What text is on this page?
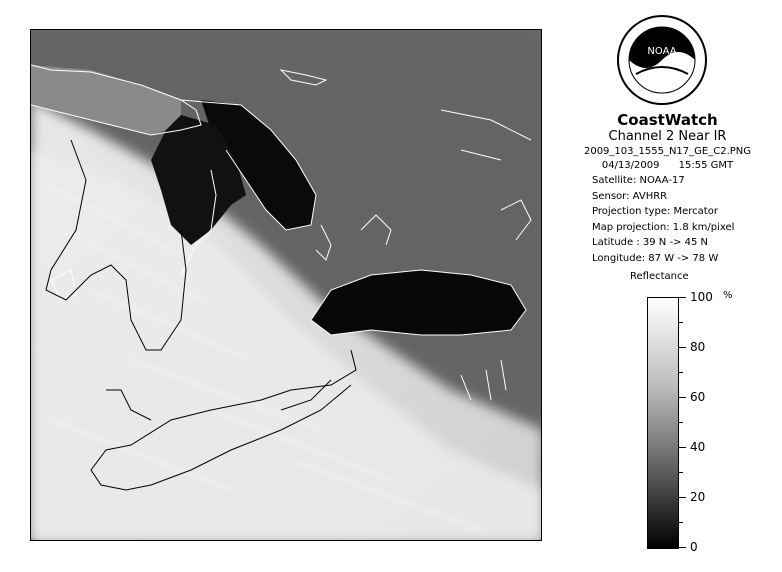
NOAA
CoastWatch
Channel 2 Near IR
2009_103_1555_N17_GE_C2.PNG
04/13/2009 15:55 GMT
Satellite: NOAA-17
Sensor: AVHRR
Projection type: Mercator
Map projection: 1.8 km/pixel
Latitude : 39 N -> 45 N
Longitude: 87 W -> 78 W
Reflectance
%
100
80
60
40
20
0
